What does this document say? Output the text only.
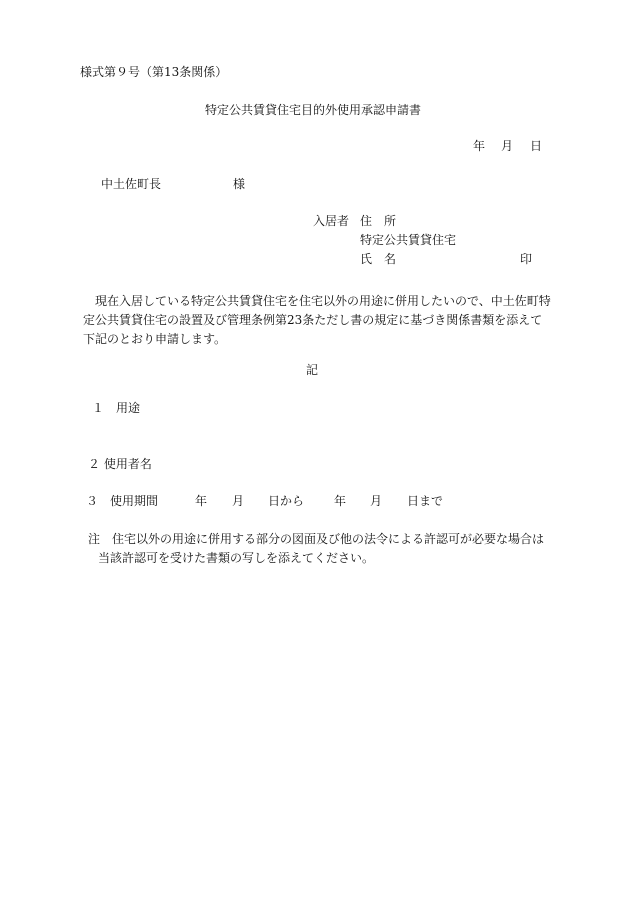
様式第９号（第13条関係）
特定公共賃貸住宅目的外使用承認申請書
年 月 日
中土佐町長	様
入居者 住　所
特定公共賃貸住宅
氏　名	印
現在入居している特定公共賃貸住宅を住宅以外の用途に併用したいので、中土佐町特
定公共賃貸住宅の設置及び管理条例第23条ただし書の規定に基づき関係書類を添えて
下記のとおり申請します。
記
１　用途
２ 使用者名
３　使用期間	年 月 日から 年 月 日まで
注　住宅以外の用途に併用する部分の図面及び他の法令による許認可が必要な場合は
当該許認可を受けた書類の写しを添えてください。
